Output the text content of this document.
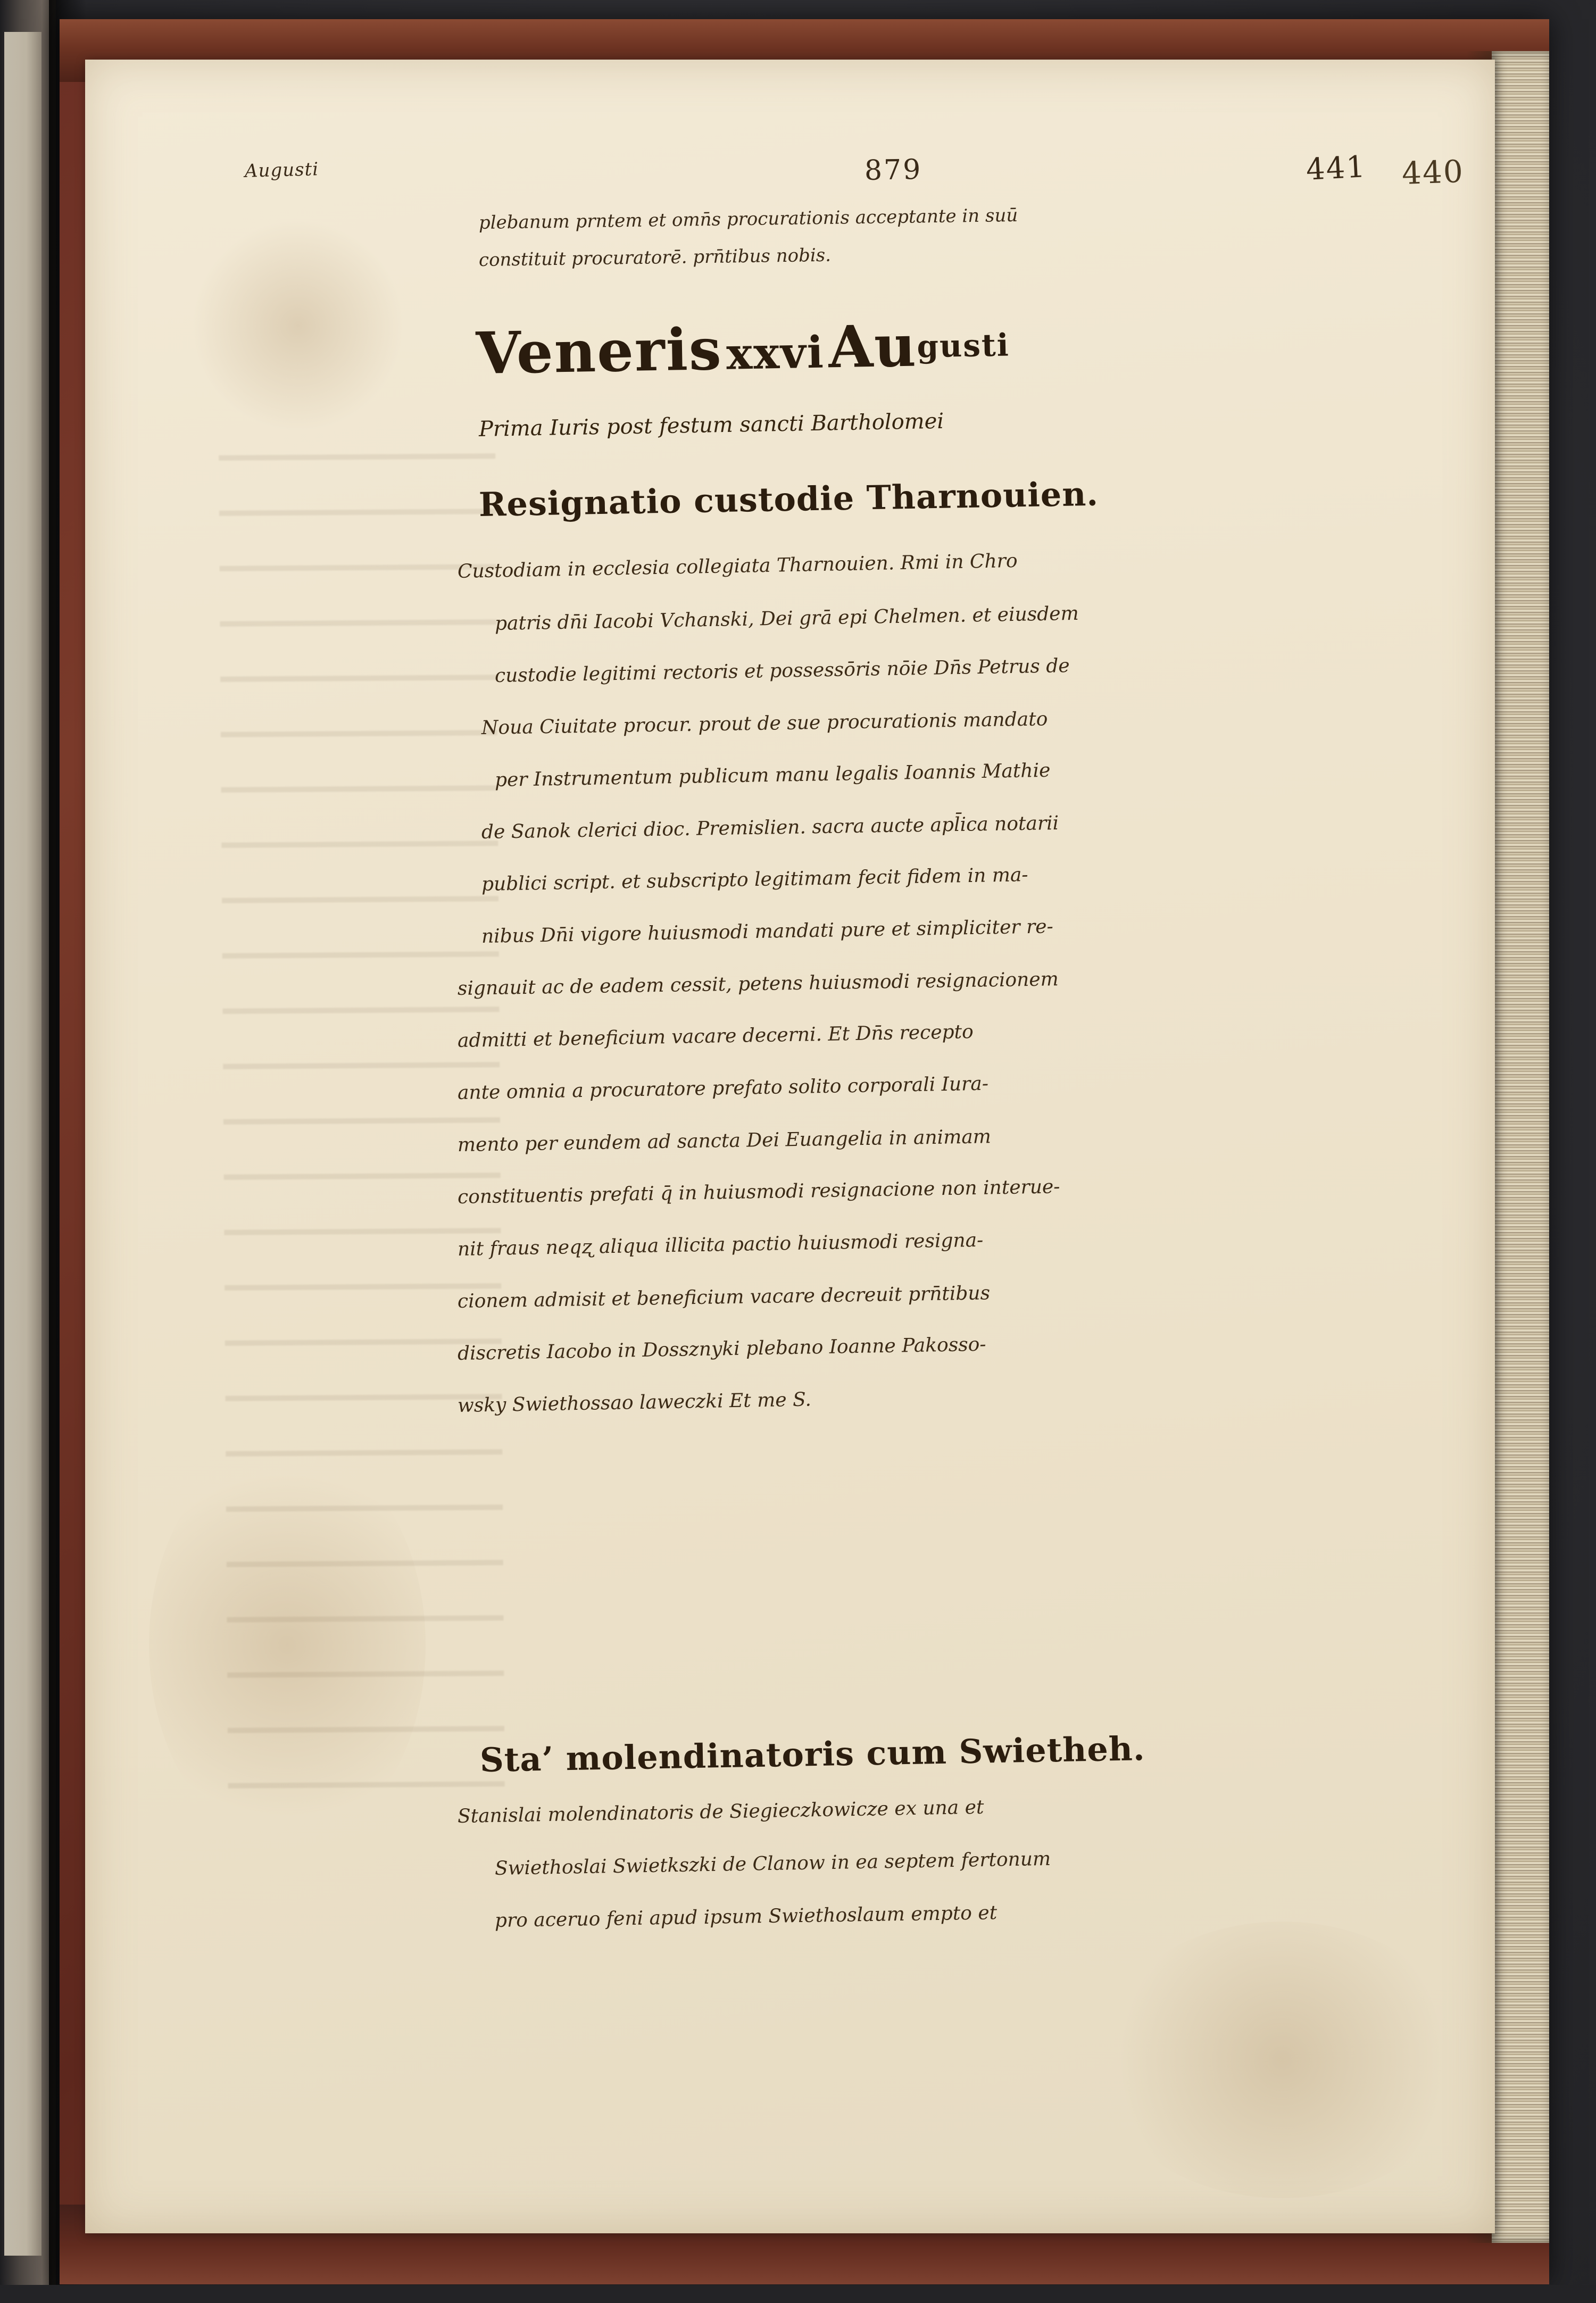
Augusti	879	441 440
plebanum prntem et omn̄s procurationis acceptante in suū
constituit procuratorē. prn̄tibus nobis.
Veneris xxvi Augusti
Prima Iuris post festum sancti Bartholomei
Resignatio custodie Tharnouien.
Custodiam in ecclesia collegiata Tharnouien. Rmi in Chro
patris dn̄i Iacobi Vchanski, Dei grā epi Chelmen. et eiusdem
custodie legitimi rectoris et possessōris nōie Dn̄s Petrus de
Noua Ciuitate procur. prout de sue procurationis mandato
per Instrumentum publicum manu legalis Ioannis Mathie
de Sanok clerici dioc. Premislien. sacra aucte apl̄ica notarii
publici script. et subscripto legitimam fecit fidem in ma-
nibus Dn̄i vigore huiusmodi mandati pure et simpliciter re-
signauit ac de eadem cessit, petens huiusmodi resignacionem
admitti et beneficium vacare decerni. Et Dn̄s recepto
ante omnia a procuratore prefato solito corporali Iura-
mento per eundem ad sancta Dei Euangelia in animam
constituentis prefati q̄ in huiusmodi resignacione non interue-
nit fraus neqʐ aliqua illicita pactio huiusmodi resigna-
cionem admisit et beneficium vacare decreuit prn̄tibus
discretis Iacobo in Dossznyki plebano Ioanne Pakosso-
wsky Swiethossao laweczki Et me S.
Sta’ molendinatoris cum Swietheh.
Stanislai molendinatoris de Siegieczkowicze ex una et
Swiethoslai Swietkszki de Clanow in ea septem fertonum
pro aceruo feni apud ipsum Swiethoslaum empto et
